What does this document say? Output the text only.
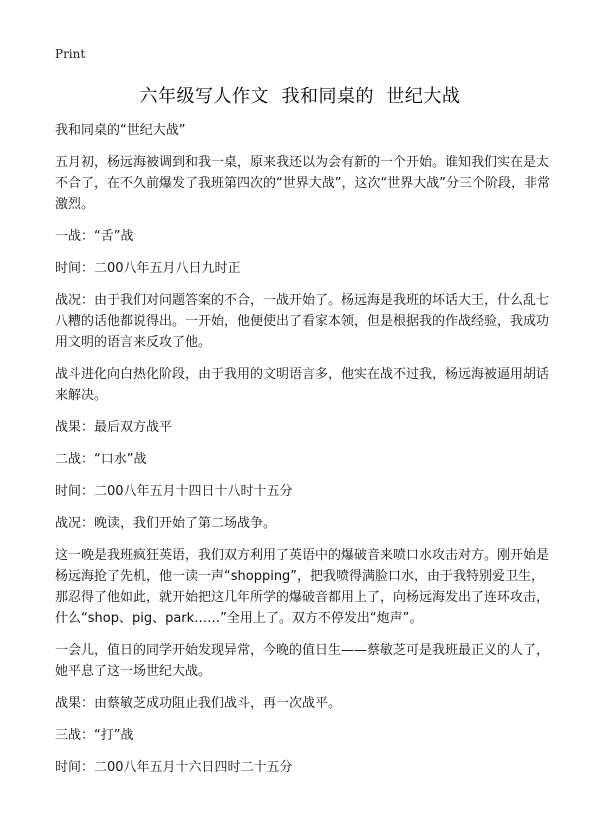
Print
六年级写人作文  我和同桌的  世纪大战

我和同桌的“世纪大战”

五月初，杨远海被调到和我一桌，原来我还以为会有新的一个开始。谁知我们实在是太不合了，在不久前爆发了我班第四次的“世界大战”，这次“世界大战”分三个阶段，非常激烈。

一战：“舌”战

时间：二00八年五月八日九时正

战况：由于我们对问题答案的不合，一战开始了。杨远海是我班的坏话大王，什么乱七八糟的话他都说得出。一开始，他便使出了看家本领，但是根据我的作战经验，我成功用文明的语言来反攻了他。

战斗进化向白热化阶段，由于我用的文明语言多，他实在战不过我，杨远海被逼用胡话来解决。

战果：最后双方战平

二战：“口水”战

时间：二00八年五月十四日十八时十五分

战况：晚读，我们开始了第二场战争。

这一晚是我班疯狂英语，我们双方利用了英语中的爆破音来喷口水攻击对方。刚开始是杨远海抢了先机，他一读一声“shopping”，把我喷得满脸口水，由于我特别爱卫生，那忍得了他如此，就开始把这几年所学的爆破音都用上了，向杨远海发出了连环攻击，什么“shop、pig、park……”全用上了。双方不停发出“炮声”。

一会儿，值日的同学开始发现异常，今晚的值日生——蔡敏芝可是我班最正义的人了，她平息了这一场世纪大战。

战果：由蔡敏芝成功阻止我们战斗，再一次战平。

三战：“打”战

时间：二00八年五月十六日四时二十五分
